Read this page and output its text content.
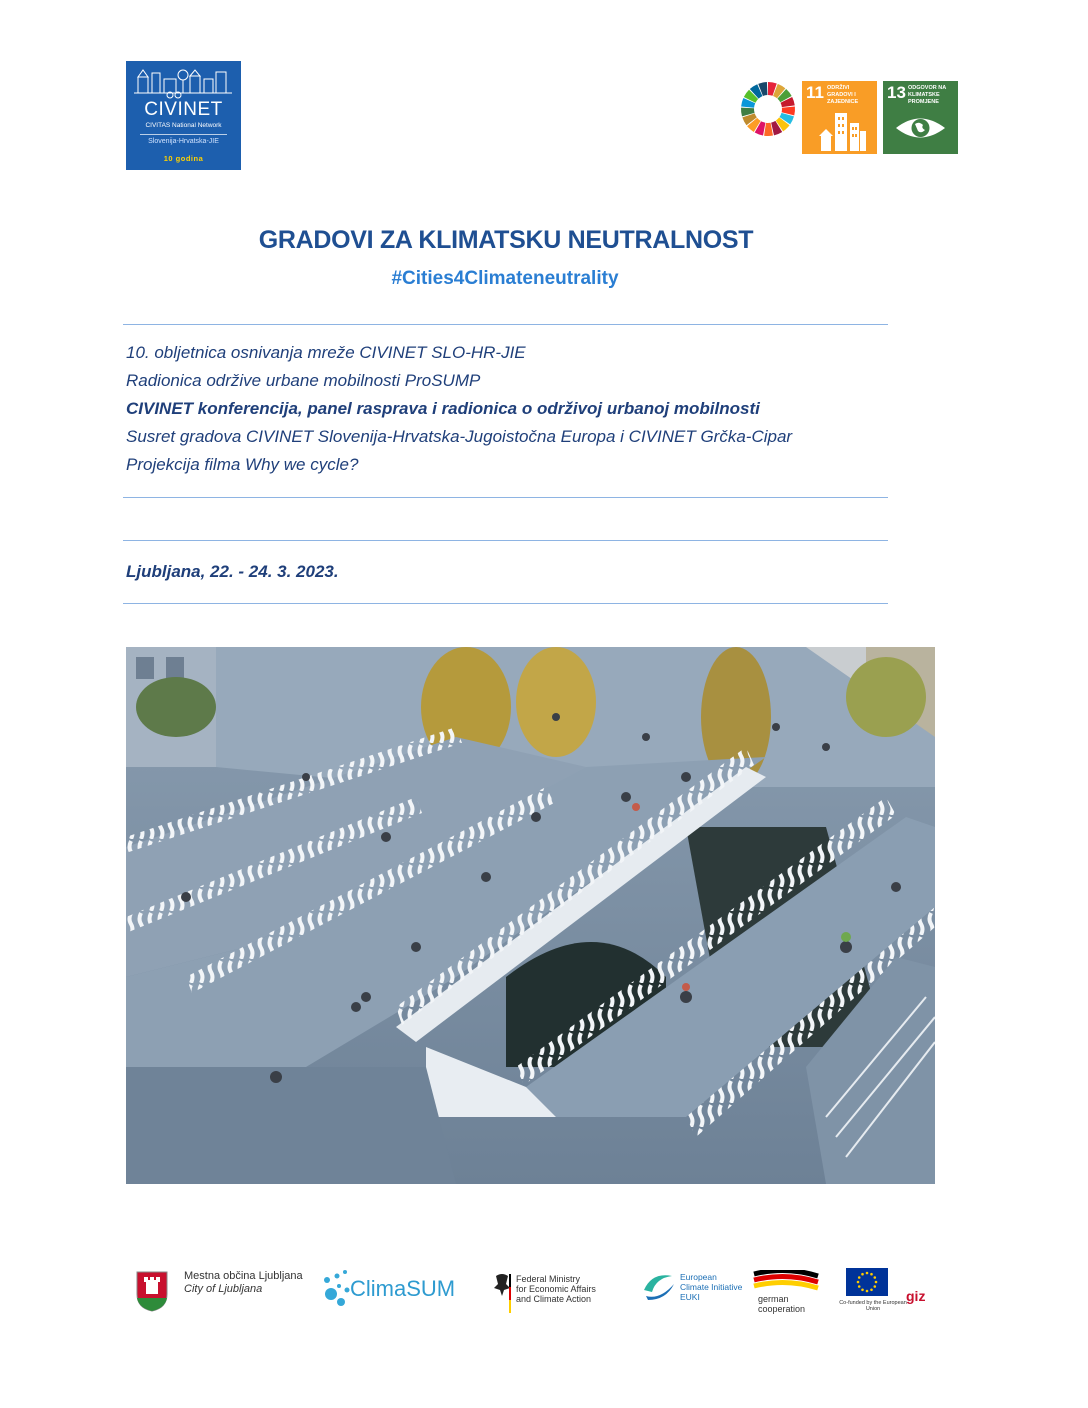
CIVINET
CIVITAS National Network
Slovenija-Hrvatska-JIE
10 godina
11 ODRŽIVI GRADOVI I ZAJEDNICE	13 ODGOVOR NA KLIMATSKE PROMJENE
GRADOVI ZA KLIMATSKU NEUTRALNOST
#Cities4Climateneutrality
10. obljetnica osnivanja mreže CIVINET SLO-HR-JIE
Radionica održive urbane mobilnosti ProSUMP
CIVINET konferencija, panel rasprava i radionica o održivoj urbanoj mobilnosti
Susret gradova CIVINET Slovenija-Hrvatska-Jugoistočna Europa i CIVINET Grčka-Cipar
Projekcija filma Why we cycle?
Ljubljana, 22. - 24. 3. 2023.
Mestna občina Ljubljana
City of Ljubljana	ClimaSUM	Federal Ministry
for Economic Affairs
and Climate Action
European
Climate Initiative
EUKI	german
cooperation
Co-funded by the European Union
giz
